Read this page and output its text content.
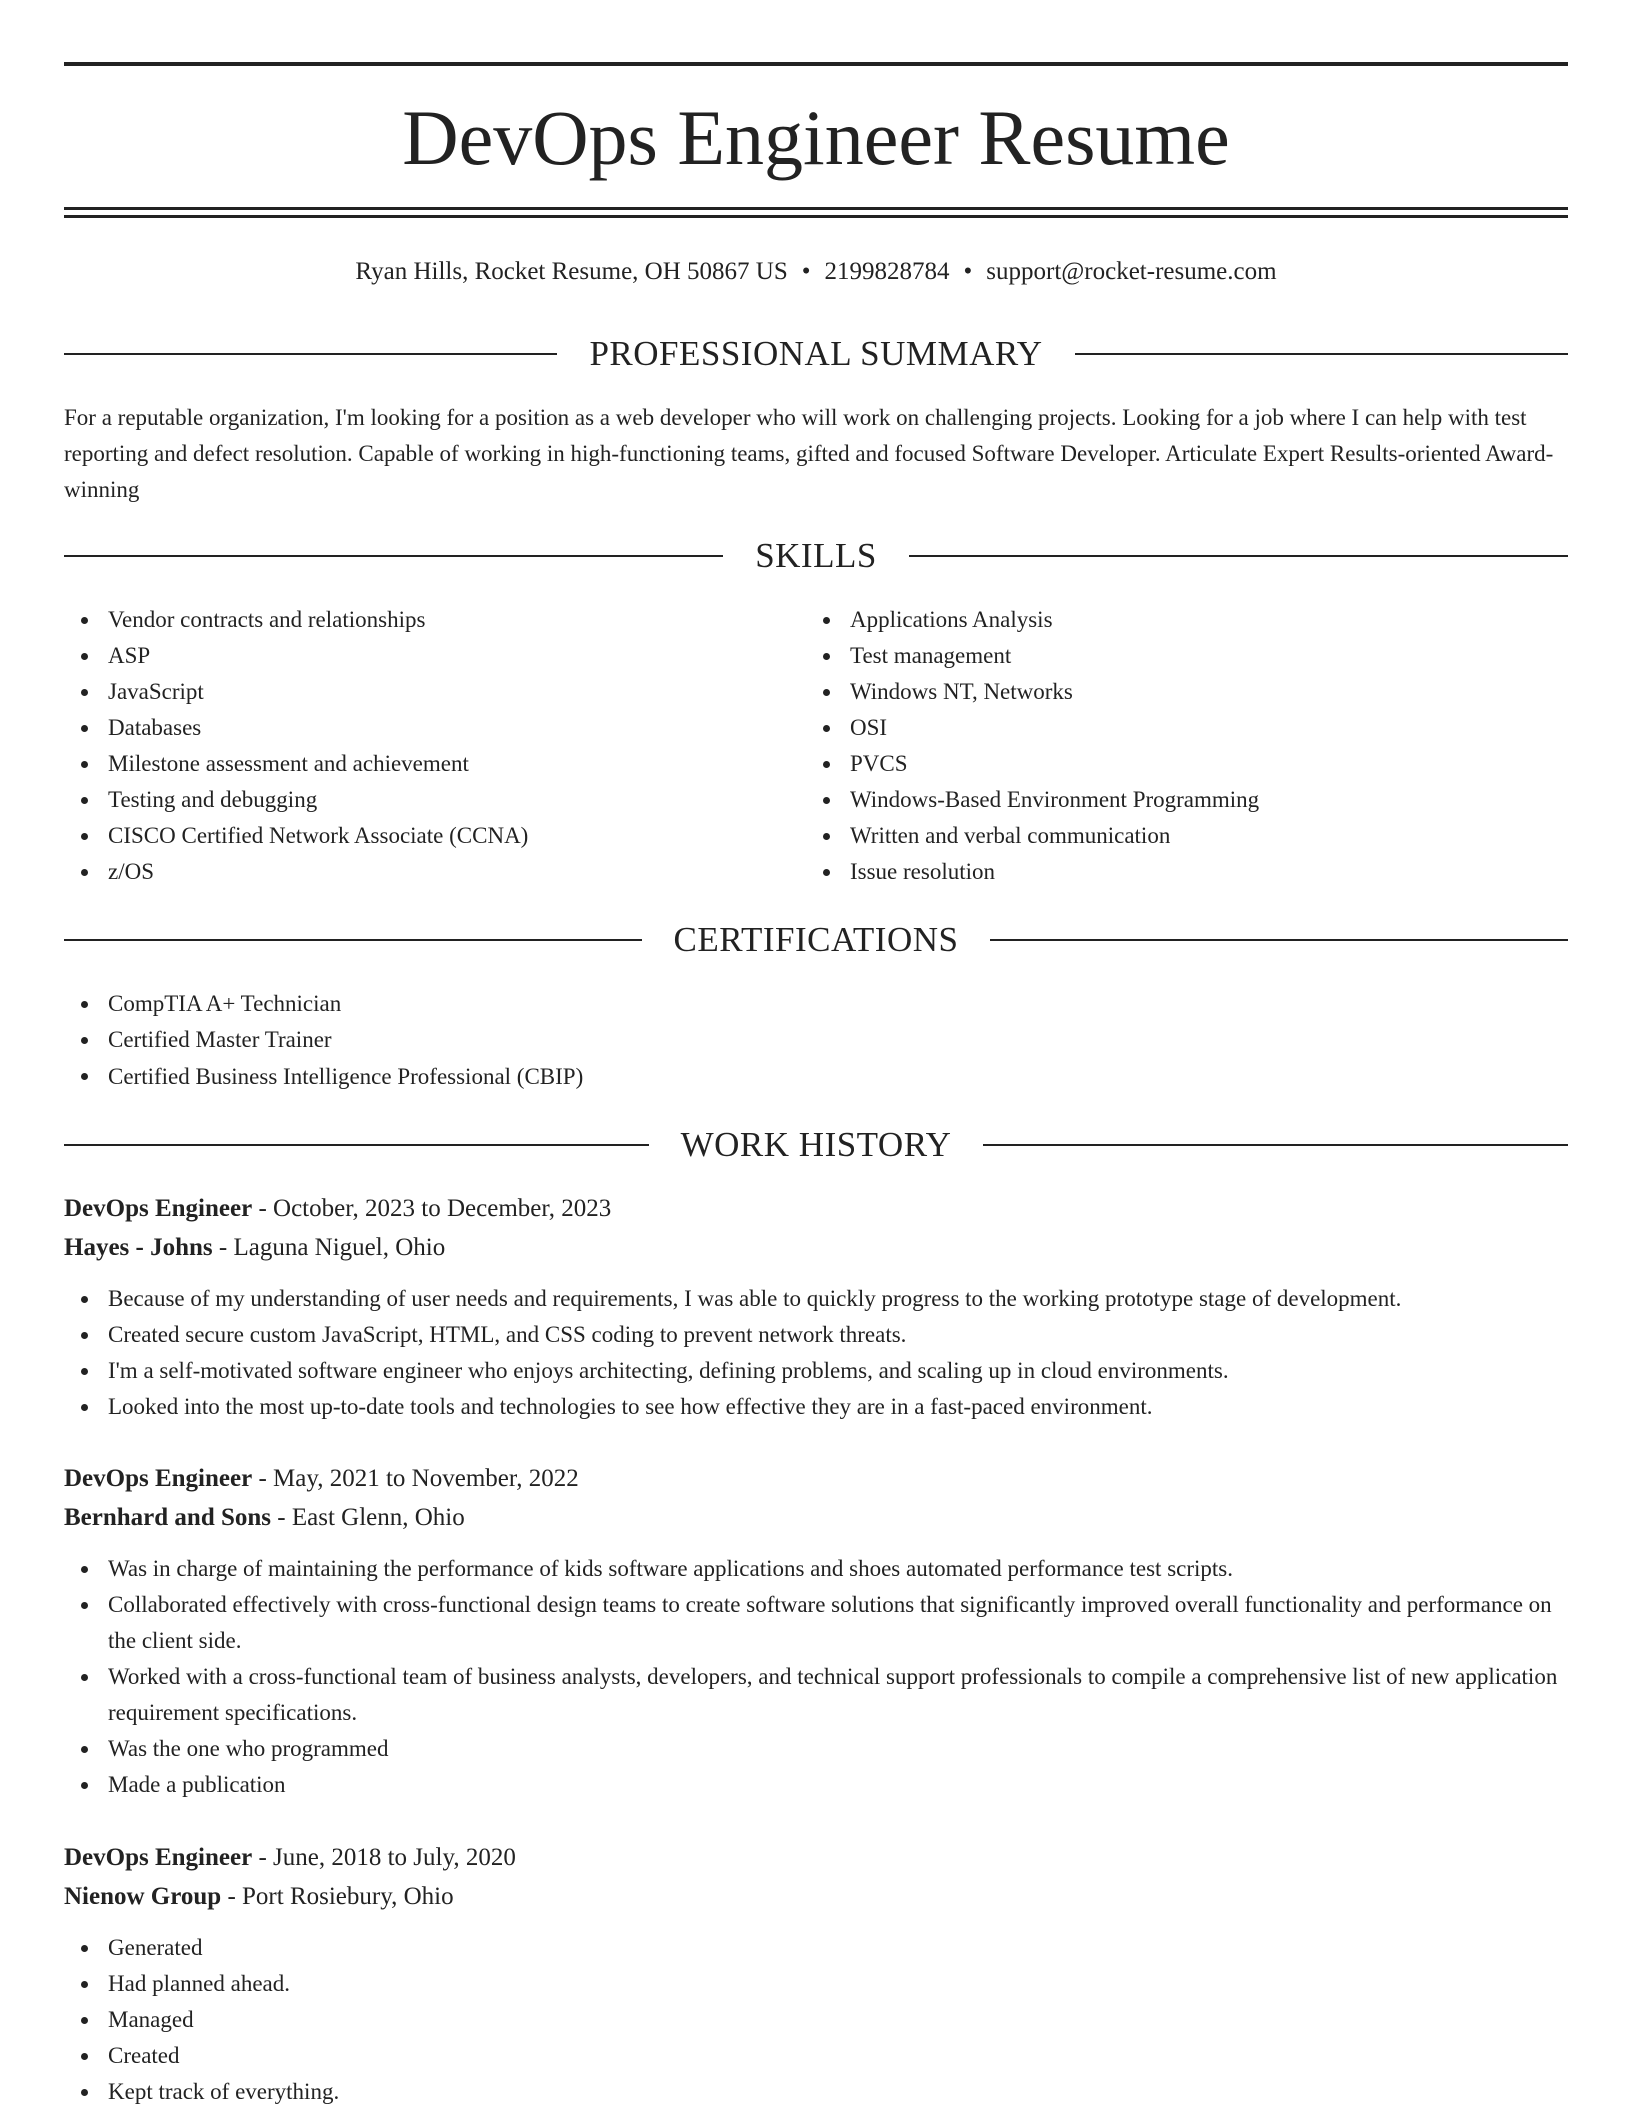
DevOps Engineer Resume
Ryan Hills, Rocket Resume, OH 50867 US • 2199828784 • support@rocket-resume.com
PROFESSIONAL SUMMARY

For a reputable organization, I'm looking for a position as a web developer who will work on challenging projects. Looking for a job where I can help with test reporting and defect resolution. Capable of working in high-functioning teams, gifted and focused Software Developer. Articulate Expert Results-oriented Award-winning

SKILLS
Vendor contracts and relationships
ASP
JavaScript
Databases
Milestone assessment and achievement
Testing and debugging
CISCO Certified Network Associate (CCNA)
z/OS
Applications Analysis
Test management
Windows NT, Networks
OSI
PVCS
Windows-Based Environment Programming
Written and verbal communication
Issue resolution
CERTIFICATIONS
CompTIA A+ Technician
Certified Master Trainer
Certified Business Intelligence Professional (CBIP)
WORK HISTORY
DevOps Engineer - October, 2023 to December, 2023
Hayes - Johns - Laguna Niguel, Ohio
Because of my understanding of user needs and requirements, I was able to quickly progress to the working prototype stage of development.
Created secure custom JavaScript, HTML, and CSS coding to prevent network threats.
I'm a self-motivated software engineer who enjoys architecting, defining problems, and scaling up in cloud environments.
Looked into the most up-to-date tools and technologies to see how effective they are in a fast-paced environment.
DevOps Engineer - May, 2021 to November, 2022
Bernhard and Sons - East Glenn, Ohio
Was in charge of maintaining the performance of kids software applications and shoes automated performance test scripts.
Collaborated effectively with cross-functional design teams to create software solutions that significantly improved overall functionality and performance on the client side.
Worked with a cross-functional team of business analysts, developers, and technical support professionals to compile a comprehensive list of new application requirement specifications.
Was the one who programmed
Made a publication
DevOps Engineer - June, 2018 to July, 2020
Nienow Group - Port Rosiebury, Ohio
Generated
Had planned ahead.
Managed
Created
Kept track of everything.
